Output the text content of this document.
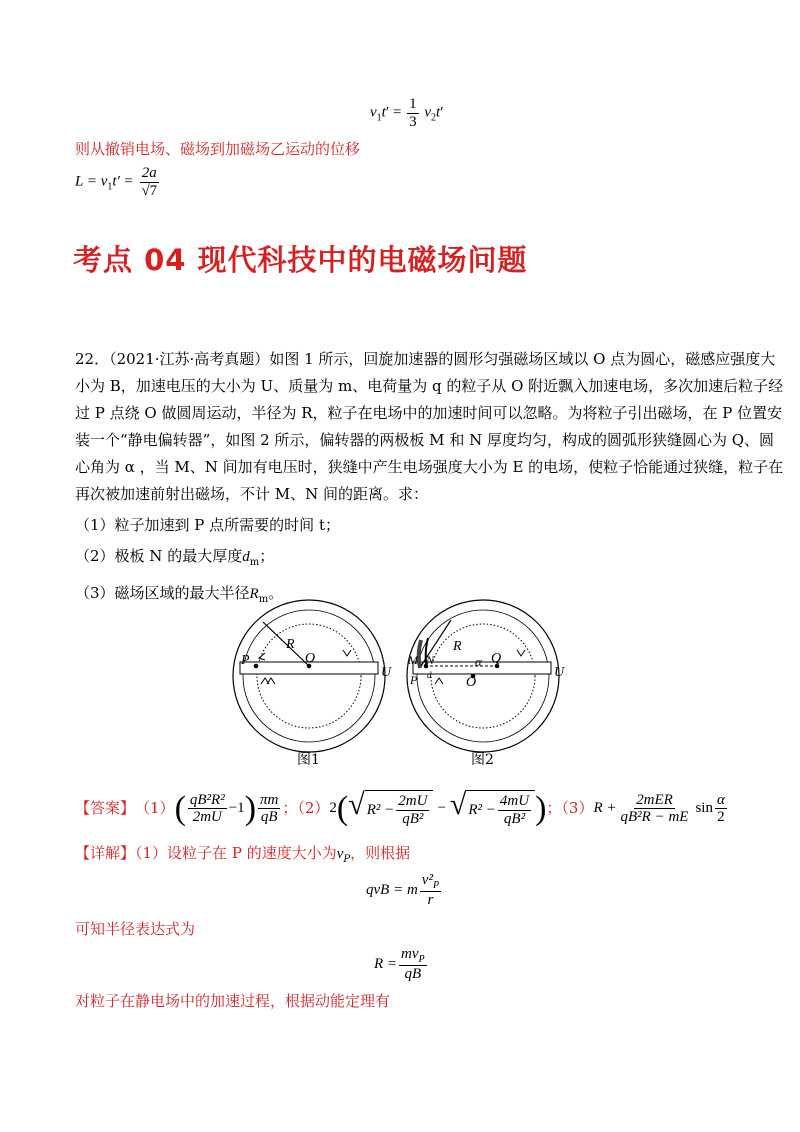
$v_1t' = \frac{1}{3} v_2t'$
则从撤销电场、磁场到加磁场乙运动的位移
$L = v_1t' = \frac{2a}{√7}$
考点 04 现代科技中的电磁场问题
22．（2021·江苏·高考真题）如图 1 所示，回旋加速器的圆形匀强磁场区域以 O 点为圆心，磁感应强度大
小为 B，加速电压的大小为 U、质量为 m、电荷量为 q 的粒子从 O 附近飘入加速电场，多次加速后粒子经
过 P 点绕 O 做圆周运动，半径为 R，粒子在电场中的加速时间可以忽略。为将粒子引出磁场，在 P 位置安
装一个“静电偏转器”，如图 2 所示，偏转器的两极板 M 和 N 厚度均匀，构成的圆弧形狭缝圆心为 Q、圆
心角为 α ，当 M、N 间加有电压时，狭缝中产生电场强度大小为 E 的电场，使粒子恰能通过狭缝，粒子在
再次被加速前射出磁场，不计 M、N 间的距离。求：
（1）粒子加速到 P 点所需要的时间 t；
（2）极板 N 的最大厚度$d_m$；
（3）磁场区域的最大半径$R_m$。
P
R
O
U
图1
M N
P d
R
α Q
O
U
图2
【答案】 （1） ( $\frac{\text{qB²R²}}{2mU} -1$ ) $\frac{\pi m}{qB}$ ；（2） 2 ( √ $R^2 - \frac{2mU}{\text{qB²}}$ − √ $R^2 - \frac{4mU}{\text{qB²}}$ ) ；（3） $R + \frac{\text{2mER}}{\text{qB²R − mE}}$ $\sin \frac{\alpha}{2}$
【详解】（1）设粒子在 P 的速度大小为$v_P$，则根据
qvB = m $\frac{v^2_P}{r}$
可知半径表达式为
$R = \frac{mv_P}{qB}$
对粒子在静电场中的加速过程，根据动能定理有
